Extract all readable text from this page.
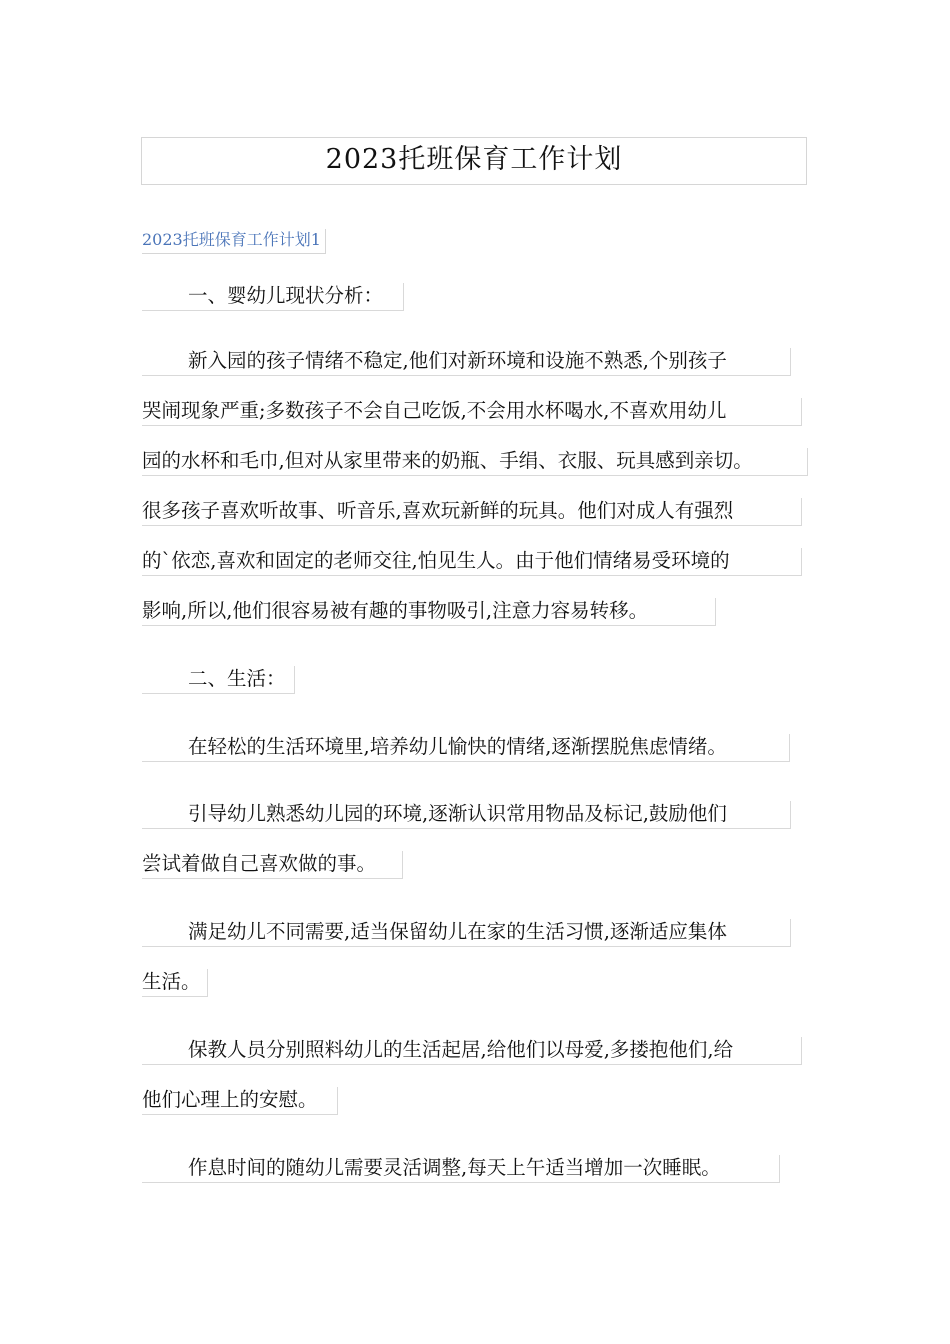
2023托班保育工作计划
2023托班保育工作计划1
一、婴幼儿现状分析：
新入园的孩子情绪不稳定,他们对新环境和设施不熟悉,个别孩子
哭闹现象严重;多数孩子不会自己吃饭,不会用水杯喝水,不喜欢用幼儿
园的水杯和毛巾,但对从家里带来的奶瓶、手绢、衣服、玩具感到亲切。
很多孩子喜欢听故事、听音乐,喜欢玩新鲜的玩具。他们对成人有强烈
的`依恋,喜欢和固定的老师交往,怕见生人。由于他们情绪易受环境的
影响,所以,他们很容易被有趣的事物吸引,注意力容易转移。
二、生活：
在轻松的生活环境里,培养幼儿愉快的情绪,逐渐摆脱焦虑情绪。
引导幼儿熟悉幼儿园的环境,逐渐认识常用物品及标记,鼓励他们
尝试着做自己喜欢做的事。
满足幼儿不同需要,适当保留幼儿在家的生活习惯,逐渐适应集体
生活。
保教人员分别照料幼儿的生活起居,给他们以母爱,多搂抱他们,给
他们心理上的安慰。
作息时间的随幼儿需要灵活调整,每天上午适当增加一次睡眠。
